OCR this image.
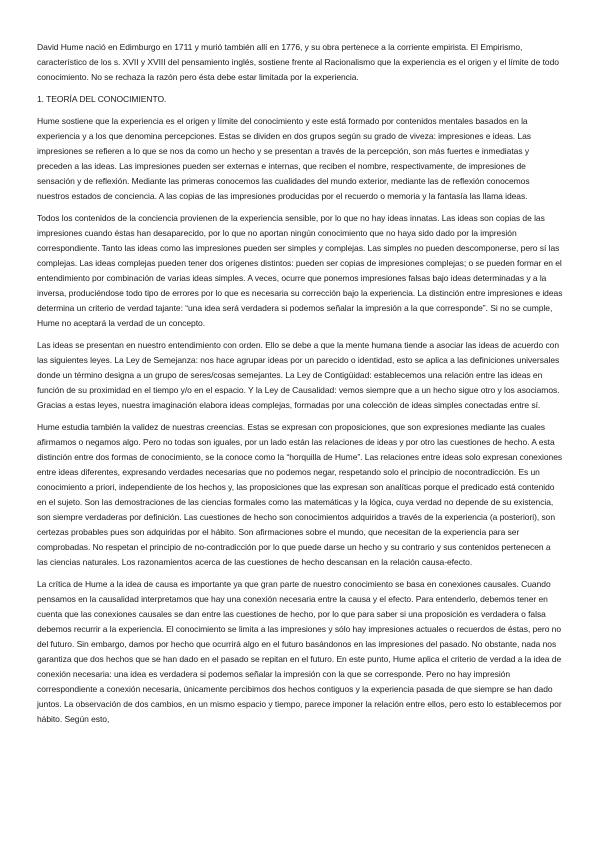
David Hume nació en Edimburgo en 1711 y murió también allí en 1776, y su obra pertenece a la corriente empirista. El Empirismo, característico de los s. XVII y XVIII del pensamiento inglés, sostiene frente al Racionalismo que la experiencia es el origen y el límite de todo conocimiento. No se rechaza la razón pero ésta debe estar limitada por la experiencia.

1. TEORÍA DEL CONOCIMIENTO.

Hume sostiene que la experiencia es el origen y límite del conocimiento y este está formado por contenidos mentales basados en la experiencia y a los que denomina percepciones. Estas se dividen en dos grupos según su grado de viveza: impresiones e ideas. Las impresiones se refieren a lo que se nos da como un hecho y se presentan a través de la percepción, son más fuertes e inmediatas y preceden a las ideas. Las impresiones pueden ser externas e internas, que reciben el nombre, respectivamente, de impresiones de sensación y de reflexión. Mediante las primeras conocemos las cualidades del mundo exterior, mediante las de reflexión conocemos nuestros estados de conciencia. A las copias de las impresiones producidas por el recuerdo o memoria y la fantasía las llama ideas.

Todos los contenidos de la conciencia provienen de la experiencia sensible, por lo que no hay ideas innatas. Las ideas son copias de las impresiones cuando éstas han desaparecido, por lo que no aportan ningún conocimiento que no haya sido dado por la impresión correspondiente. Tanto las ideas como las impresiones pueden ser simples y complejas. Las simples no pueden descomponerse, pero sí las complejas. Las ideas complejas pueden tener dos orígenes distintos: pueden ser copias de impresiones complejas; o se pueden formar en el entendimiento por combinación de varias ideas simples. A veces, ocurre que ponemos impresiones falsas bajo ideas determinadas y a la inversa, produciéndose todo tipo de errores por lo que es necesaria su corrección bajo la experiencia. La distinción entre impresiones e ideas determina un criterio de verdad tajante: “una idea será verdadera si podemos señalar la impresión a la que corresponde”. Si no se cumple, Hume no aceptará la verdad de un concepto.

Las ideas se presentan en nuestro entendimiento con orden. Ello se debe a que la mente humana tiende a asociar las ideas de acuerdo con las siguientes leyes. La Ley de Semejanza: nos hace agrupar ideas por un parecido o identidad, esto se aplica a las definiciones universales donde un término designa a un grupo de seres/cosas semejantes. La Ley de Contigüidad: establecemos una relación entre las ideas en función de su proximidad en el tiempo y/o en el espacio. Y la Ley de Causalidad: vemos siempre que a un hecho sigue otro y los asociamos. Gracias a estas leyes, nuestra imaginación elabora ideas complejas, formadas por una colección de ideas simples conectadas entre sí.

Hume estudia también la validez de nuestras creencias. Estas se expresan con proposiciones, que son expresiones mediante las cuales afirmamos o negamos algo. Pero no todas son iguales, por un lado están las relaciones de ideas y por otro las cuestiones de hecho. A esta distinción entre dos formas de conocimiento, se la conoce como la “horquilla de Hume”. Las relaciones entre ideas solo expresan conexiones entre ideas diferentes, expresando verdades necesarias que no podemos negar, respetando solo el principio de nocontradicción. Es un conocimiento a priori, independiente de los hechos y, las proposiciones que las expresan son analíticas porque el predicado está contenido en el sujeto. Son las demostraciones de las ciencias formales como las matemáticas y la lógica, cuya verdad no depende de su existencia, son siempre verdaderas por definición. Las cuestiones de hecho son conocimientos adquiridos a través de la experiencia (a posteriori), son certezas probables pues son adquiridas por el hábito. Son afirmaciones sobre el mundo, que necesitan de la experiencia para ser comprobadas. No respetan el principio de no-contradicción por lo que puede darse un hecho y su contrario y sus contenidos pertenecen a las ciencias naturales. Los razonamientos acerca de las cuestiones de hecho descansan en la relación causa-efecto.

La crítica de Hume a la idea de causa es importante ya que gran parte de nuestro conocimiento se basa en conexiones causales. Cuando pensamos en la causalidad interpretamos que hay una conexión necesaria entre la causa y el efecto. Para entenderlo, debemos tener en cuenta que las conexiones causales se dan entre las cuestiones de hecho, por lo que para saber si una proposición es verdadera o falsa debemos recurrir a la experiencia. El conocimiento se limita a las impresiones y sólo hay impresiones actuales o recuerdos de éstas, pero no del futuro. Sin embargo, damos por hecho que ocurrirá algo en el futuro basándonos en las impresiones del pasado. No obstante, nada nos garantiza que dos hechos que se han dado en el pasado se repitan en el futuro. En este punto, Hume aplica el criterio de verdad a la idea de conexión necesaria: una idea es verdadera si podemos señalar la impresión con la que se corresponde. Pero no hay impresión correspondiente a conexión necesaria, únicamente percibimos dos hechos contiguos y la experiencia pasada de que siempre se han dado juntos. La observación de dos cambios, en un mismo espacio y tiempo, parece imponer la relación entre ellos, pero esto lo establecemos por hábito. Según esto,
